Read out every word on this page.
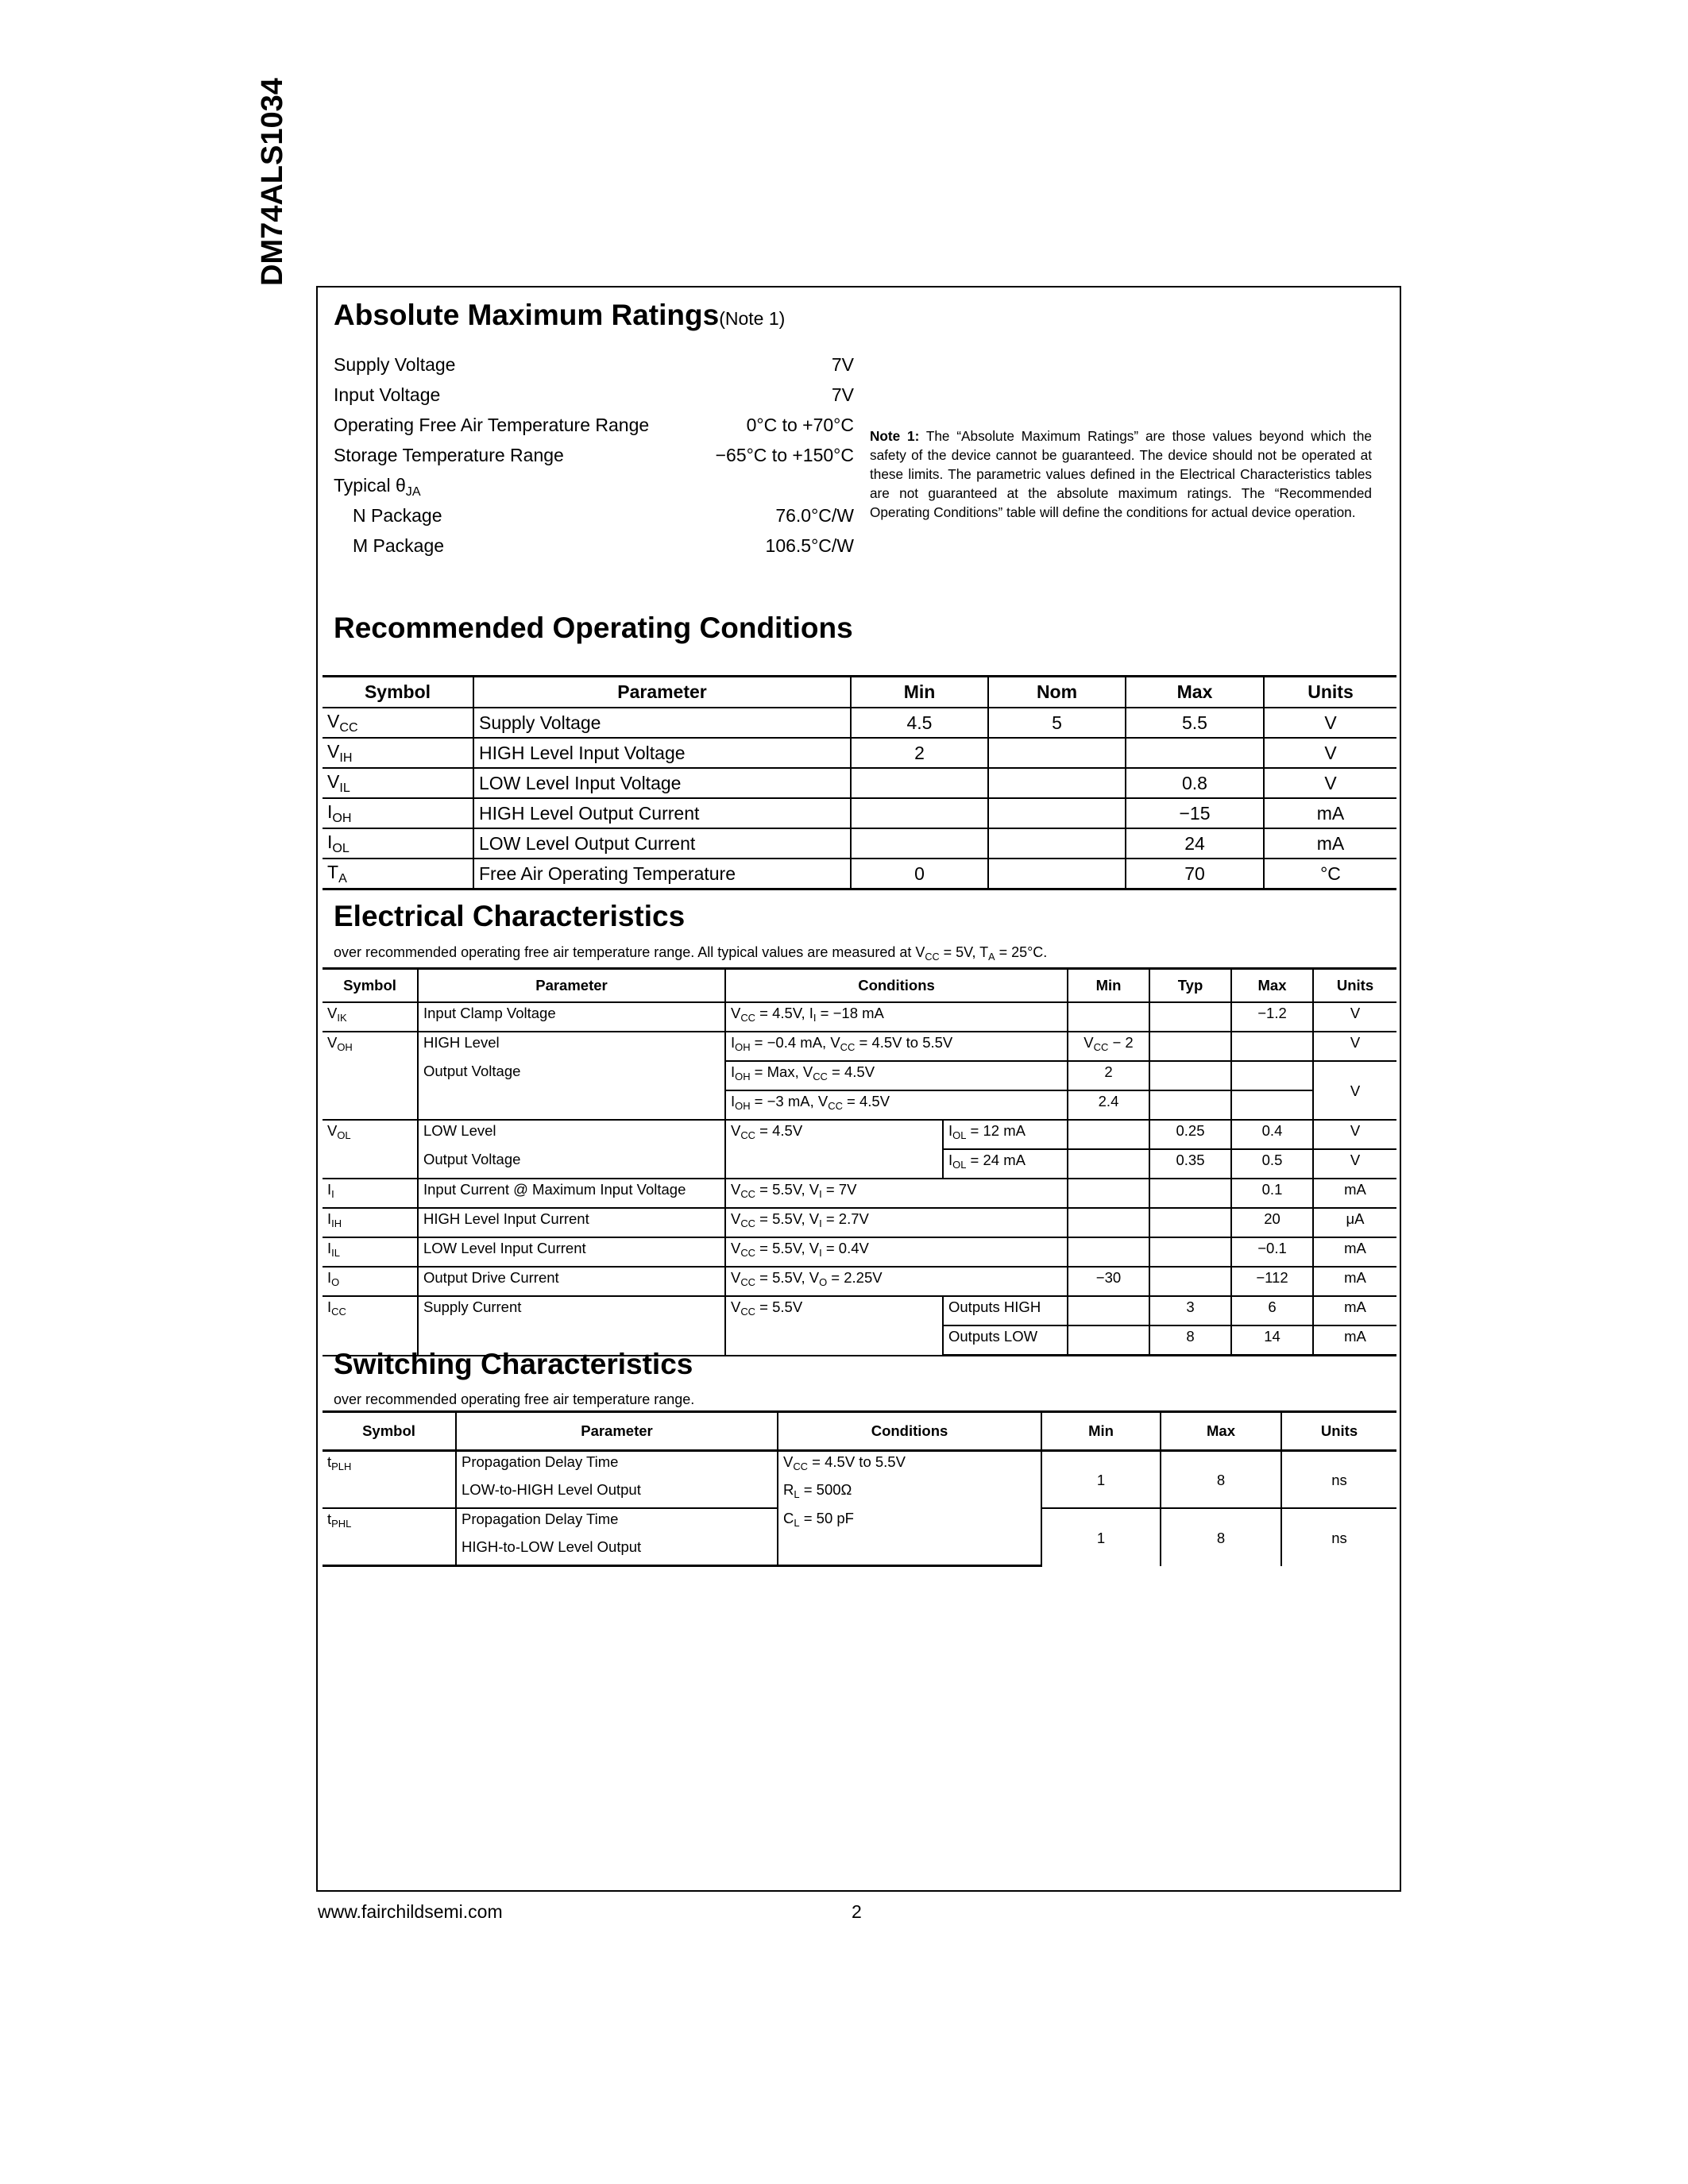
DM74ALS1034
Absolute Maximum Ratings(Note 1)
Supply Voltage	7V
Input Voltage	7V
Operating Free Air Temperature Range	0°C to +70°C
Storage Temperature Range	−65°C to +150°C
Typical $\theta_{JA}$
N Package	76.0°C/W
M Package	106.5°C/W
Note 1: The “Absolute Maximum Ratings” are those values beyond which the safety of the device cannot be guaranteed. The device should not be operated at these limits. The parametric values defined in the Electrical Characteristics tables are not guaranteed at the absolute maximum ratings. The “Recommended Operating Conditions” table will define the conditions for actual device operation.
Recommended Operating Conditions
Symbol	Parameter	Min	Nom	Max	Units
$V_{CC}$	Supply Voltage	4.5	5	5.5	V
$V_{IH}$	HIGH Level Input Voltage	2			V
$V_{IL}$	LOW Level Input Voltage			0.8	V
$I_{OH}$	HIGH Level Output Current			−15	mA
$I_{OL}$	LOW Level Output Current			24	mA
$T_A$	Free Air Operating Temperature	0		70	°C
Electrical Characteristics
over recommended operating free air temperature range. All typical values are measured at $V_{CC} = 5V$, $T_A = 25^\circ C$.
Symbol	Parameter	Conditions		Min	Typ	Max	Units
$V_{IK}$	Input Clamp Voltage	$V_{CC} = 4.5V$, $I_I = -18$ mA				−1.2	V
$V_{OH}$	HIGH Level	$I_{OH} = -0.4$ mA, $V_{CC} = 4.5V$ to 5.5V		$V_{CC} - 2$			V
	Output Voltage	$I_{OH}$ = Max, $V_{CC} = 4.5V$		2			V
		$I_{OH} = -3$ mA, $V_{CC} = 4.5V$		2.4			
$V_{OL}$	LOW Level	$V_{CC} = 4.5V$	$I_{OL} = 12$ mA		0.25	0.4	V
	Output Voltage		$I_{OL} = 24$ mA		0.35	0.5	V
$I_I$	Input Current @ Maximum Input Voltage	$V_{CC} = 5.5V$, $V_I = 7V$				0.1	mA
$I_{IH}$	HIGH Level Input Current	$V_{CC} = 5.5V$, $V_I = 2.7V$				20	μA
$I_{IL}$	LOW Level Input Current	$V_{CC} = 5.5V$, $V_I = 0.4V$				−0.1	mA
$I_O$	Output Drive Current	$V_{CC} = 5.5V$, $V_O = 2.25V$		−30		−112	mA
$I_{CC}$	Supply Current	$V_{CC} = 5.5V$	Outputs HIGH		3	6	mA
			Outputs LOW		8	14	mA
Switching Characteristics
over recommended operating free air temperature range.
Symbol	Parameter	Conditions	Min	Max	Units
$t_{PLH}$	Propagation Delay Time	$V_{CC} = 4.5V$ to 5.5V	1	8	ns
	LOW-to-HIGH Level Output	$R_L = 500\Omega$			
$t_{PHL}$	Propagation Delay Time	$C_L = 50$ pF	1	8	ns
	HIGH-to-LOW Level Output				
www.fairchildsemi.com	2
